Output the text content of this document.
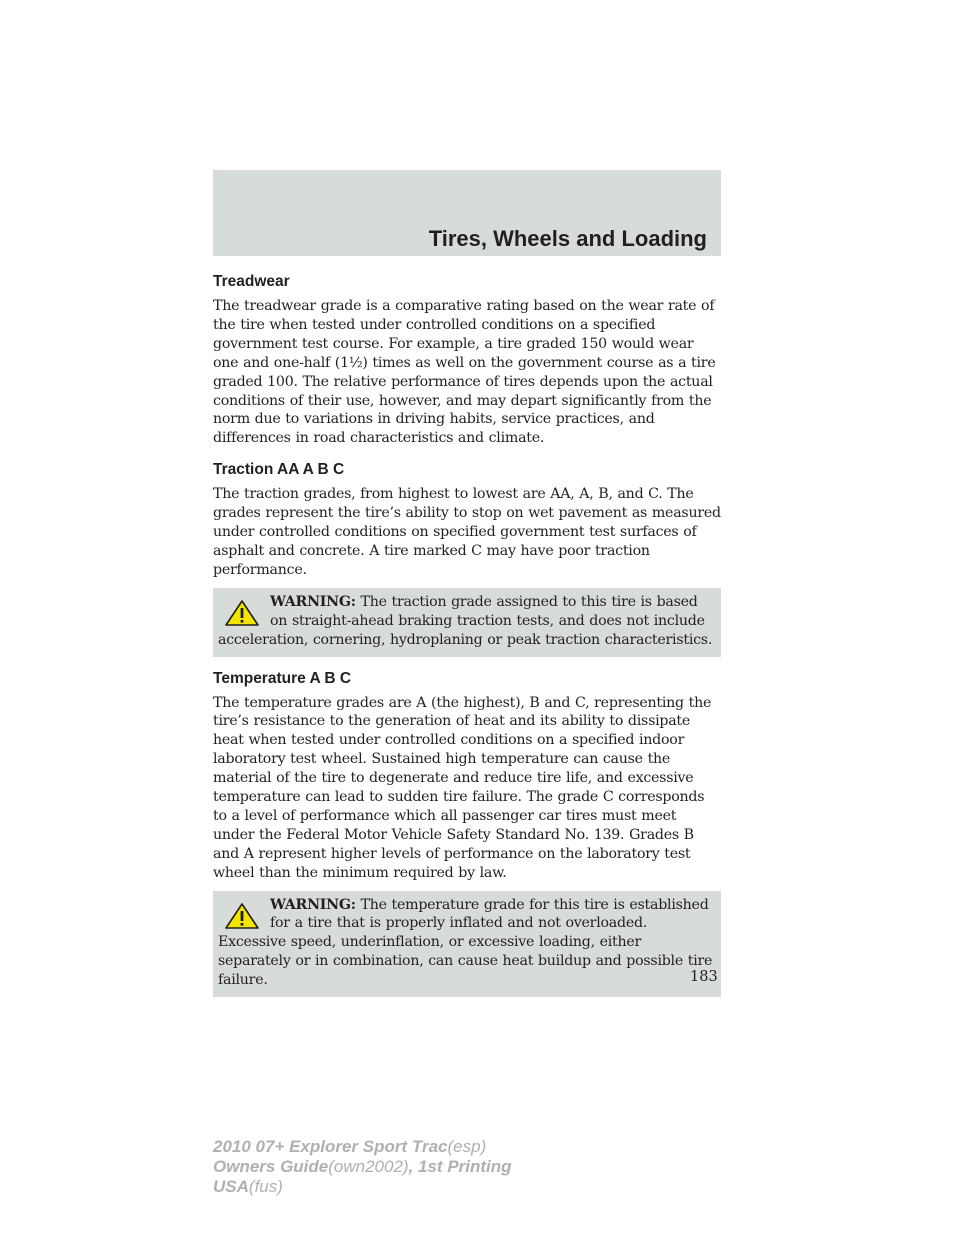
Tires, Wheels and Loading
Treadwear

The treadwear grade is a comparative rating based on the wear rate of the tire when tested under controlled conditions on a specified government test course. For example, a tire graded 150 would wear one and one-half (1½) times as well on the government course as a tire graded 100. The relative performance of tires depends upon the actual conditions of their use, however, and may depart significantly from the norm due to variations in driving habits, service practices, and differences in road characteristics and climate.

Traction AA A B C

The traction grades, from highest to lowest are AA, A, B, and C. The grades represent the tire’s ability to stop on wet pavement as measured under controlled conditions on specified government test surfaces of asphalt and concrete. A tire marked C may have poor traction performance.

WARNING: The traction grade assigned to this tire is based on straight-ahead braking traction tests, and does not include acceleration, cornering, hydroplaning or peak traction characteristics.
Temperature A B C

The temperature grades are A (the highest), B and C, representing the tire’s resistance to the generation of heat and its ability to dissipate heat when tested under controlled conditions on a specified indoor laboratory test wheel. Sustained high temperature can cause the material of the tire to degenerate and reduce tire life, and excessive temperature can lead to sudden tire failure. The grade C corresponds to a level of performance which all passenger car tires must meet under the Federal Motor Vehicle Safety Standard No. 139. Grades B and A represent higher levels of performance on the laboratory test wheel than the minimum required by law.

WARNING: The temperature grade for this tire is established for a tire that is properly inflated and not overloaded. Excessive speed, underinflation, or excessive loading, either separately or in combination, can cause heat buildup and possible tire failure.	183
2010 07+ Explorer Sport Trac(esp)
Owners Guide(own2002), 1st Printing
USA(fus)
